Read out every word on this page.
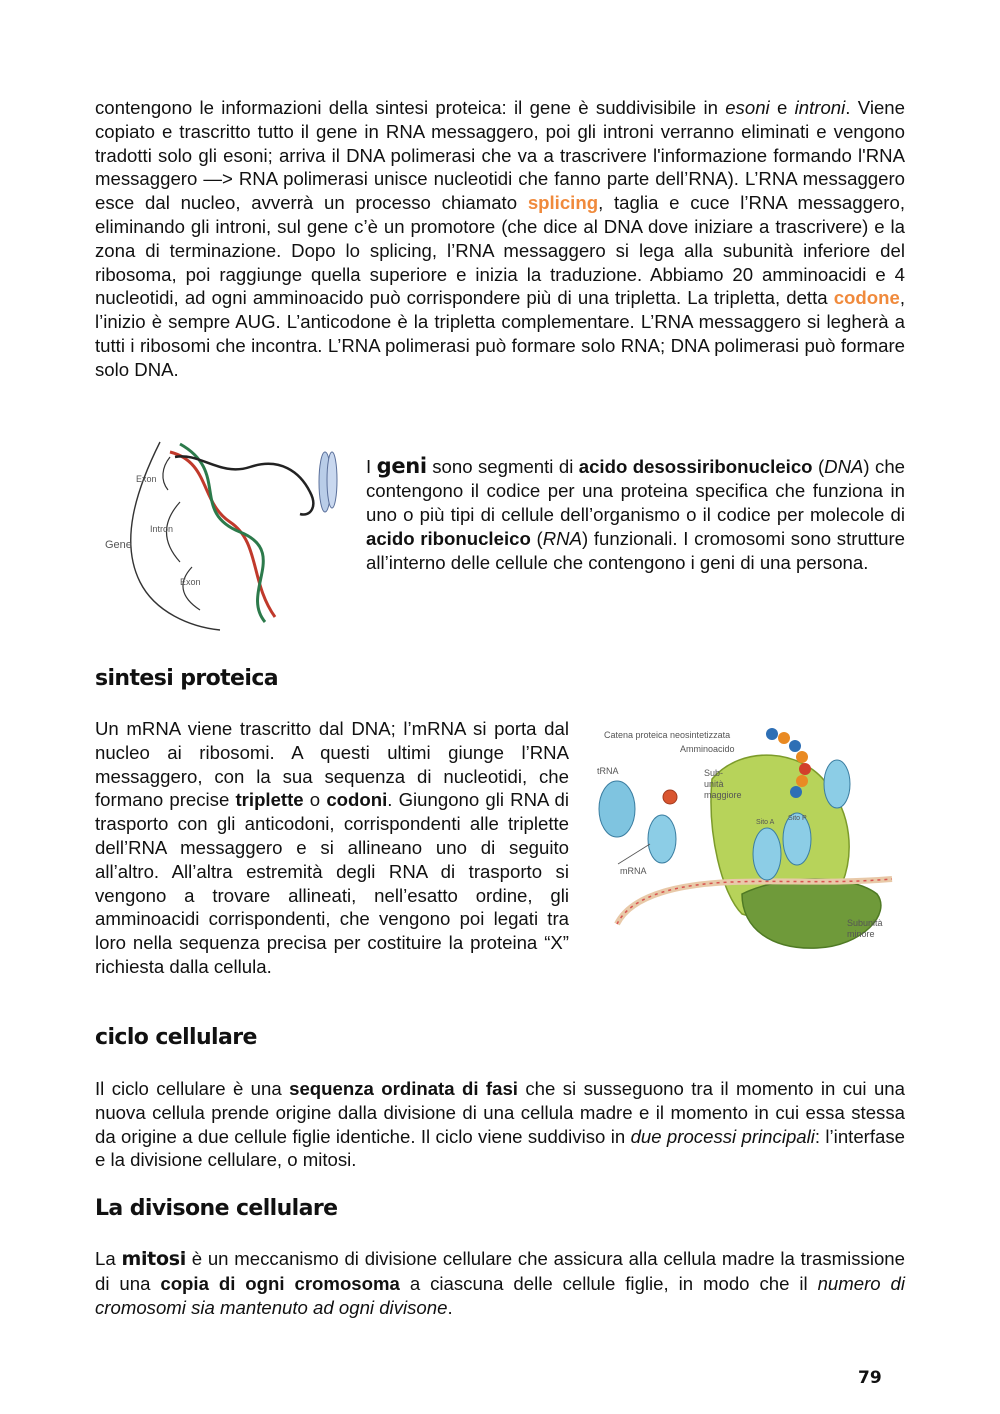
contengono le informazioni della sintesi proteica: il gene è suddivisibile in esoni e introni. Viene copiato e trascritto tutto il gene in RNA messaggero, poi gli introni verranno eliminati e vengono tradotti solo gli esoni; arriva il DNA polimerasi che va a trascrivere l'informazione formando l'RNA messaggero —> RNA polimerasi unisce nucleotidi che fanno parte dell’RNA). L’RNA messaggero esce dal nucleo, avverrà un processo chiamato splicing, taglia e cuce l’RNA messaggero, eliminando gli introni, sul gene c’è un promotore (che dice al DNA dove iniziare a trascrivere) e la zona di terminazione. Dopo lo splicing, l’RNA messaggero si lega alla subunità inferiore del ribosoma, poi raggiunge quella superiore e inizia la traduzione. Abbiamo 20 amminoacidi e 4 nucleotidi, ad ogni amminoacido può corrispondere più di una tripletta. La tripletta, detta codone, l’inizio è sempre AUG. L’anticodone è la tripletta complementare. L’RNA messaggero si legherà a tutti i ribosomi che incontra. L’RNA polimerasi può formare solo RNA; DNA polimerasi può formare solo DNA.

Exon
Intron
Gene
Exon

I geni sono segmenti di acido desossiribonucleico (DNA) che contengono il codice per una proteina specifica che funziona in uno o più tipi di cellule dell’organismo o il codice per molecole di acido ribonucleico (RNA) funzionali. I cromosomi sono strutture all’interno delle cellule che contengono i geni di una persona.

sintesi proteica

Un mRNA viene trascritto dal DNA; l’mRNA si porta dal nucleo ai ribosomi. A questi ultimi giunge l’RNA messaggero, con la sua sequenza di nucleotidi, che formano precise triplette o codoni. Giungono gli RNA di trasporto con gli anticodoni, corrispondenti alle triplette dell’RNA messaggero e si allineano uno di seguito all’altro. All’altra estremità degli RNA di trasporto si vengono a trovare allineati, nell’esatto ordine, gli amminoacidi corrispondenti, che vengono poi legati tra loro nella sequenza precisa per costituire la proteina “X” richiesta dalla cellula.

Catena proteica neosintetizzata
Amminoacido
tRNA	Sub-
unità
maggiore
Sito A
Sito P
mRNA
Subunità
minore
ciclo cellulare

Il ciclo cellulare è una sequenza ordinata di fasi che si susseguono tra il momento in cui una nuova cellula prende origine dalla divisione di una cellula madre e il momento in cui essa stessa da origine a due cellule figlie identiche. Il ciclo viene suddiviso in due processi principali: l’interfase e la divisione cellulare, o mitosi.

La divisone cellulare

La mitosi è un meccanismo di divisione cellulare che assicura alla cellula madre la trasmissione di una copia di ogni cromosoma a ciascuna delle cellule figlie, in modo che il numero di cromosomi sia mantenuto ad ogni divisone.

79
